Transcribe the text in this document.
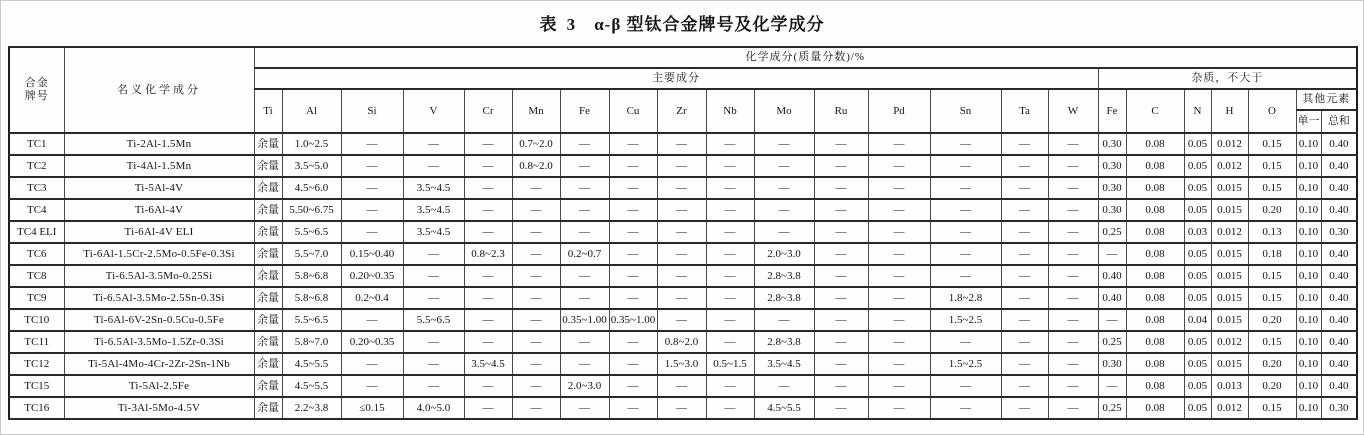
表 3 α-β 型钛合金牌号及化学成分
合金
牌号	名义化学成分	化学成分(质量分数)/%																						
		主要成分																杂质，不大于						
		Ti	Al	Si	V	Cr	Mn	Fe	Cu	Zr	Nb	Mo	Ru	Pd	Sn	Ta	W	Fe	C	N	H	O	其他元素	
																							单一	总和
TC1	Ti-2Al-1.5Mn	余量	1.0~2.5	—	—	—	0.7~2.0	—	—	—	—	—	—	—	—	—	—	0.30	0.08	0.05	0.012	0.15	0.10	0.40
TC2	Ti-4Al-1.5Mn	余量	3.5~5.0	—	—	—	0.8~2.0	—	—	—	—	—	—	—	—	—	—	0.30	0.08	0.05	0.012	0.15	0.10	0.40
TC3	Ti-5Al-4V	余量	4.5~6.0	—	3.5~4.5	—	—	—	—	—	—	—	—	—	—	—	—	0.30	0.08	0.05	0.015	0.15	0.10	0.40
TC4	Ti-6Al-4V	余量	5.50~6.75	—	3.5~4.5	—	—	—	—	—	—	—	—	—	—	—	—	0.30	0.08	0.05	0.015	0.20	0.10	0.40
TC4 ELI	Ti-6Al-4V ELI	余量	5.5~6.5	—	3.5~4.5	—	—	—	—	—	—	—	—	—	—	—	—	0.25	0.08	0.03	0.012	0.13	0.10	0.30
TC6	Ti-6Al-1.5Cr-2.5Mo-0.5Fe-0.3Si	余量	5.5~7.0	0.15~0.40	—	0.8~2.3	—	0.2~0.7	—	—	—	2.0~3.0	—	—	—	—	—	—	0.08	0.05	0.015	0.18	0.10	0.40
TC8	Ti-6.5Al-3.5Mo-0.25Si	余量	5.8~6.8	0.20~0.35	—	—	—	—	—	—	—	2.8~3.8	—	—	—	—	—	0.40	0.08	0.05	0.015	0.15	0.10	0.40
TC9	Ti-6.5Al-3.5Mo-2.5Sn-0.3Si	余量	5.8~6.8	0.2~0.4	—	—	—	—	—	—	—	2.8~3.8	—	—	1.8~2.8	—	—	0.40	0.08	0.05	0.015	0.15	0.10	0.40
TC10	Ti-6Al-6V-2Sn-0.5Cu-0.5Fe	余量	5.5~6.5	—	5.5~6.5	—	—	0.35~1.00	0.35~1.00	—	—	—	—	—	1.5~2.5	—	—	—	0.08	0.04	0.015	0.20	0.10	0.40
TC11	Ti-6.5Al-3.5Mo-1.5Zr-0.3Si	余量	5.8~7.0	0.20~0.35	—	—	—	—	—	0.8~2.0	—	2.8~3.8	—	—	—	—	—	0.25	0.08	0.05	0.012	0.15	0.10	0.40
TC12	Ti-5Al-4Mo-4Cr-2Zr-2Sn-1Nb	余量	4.5~5.5	—	—	3.5~4.5	—	—	—	1.5~3.0	0.5~1.5	3.5~4.5	—	—	1.5~2.5	—	—	0.30	0.08	0.05	0.015	0.20	0.10	0.40
TC15	Ti-5Al-2.5Fe	余量	4.5~5.5	—	—	—	—	2.0~3.0	—	—	—	—	—	—	—	—	—	—	0.08	0.05	0.013	0.20	0.10	0.40
TC16	Ti-3Al-5Mo-4.5V	余量	2.2~3.8	≤0.15	4.0~5.0	—	—	—	—	—	—	4.5~5.5	—	—	—	—	—	0.25	0.08	0.05	0.012	0.15	0.10	0.30
